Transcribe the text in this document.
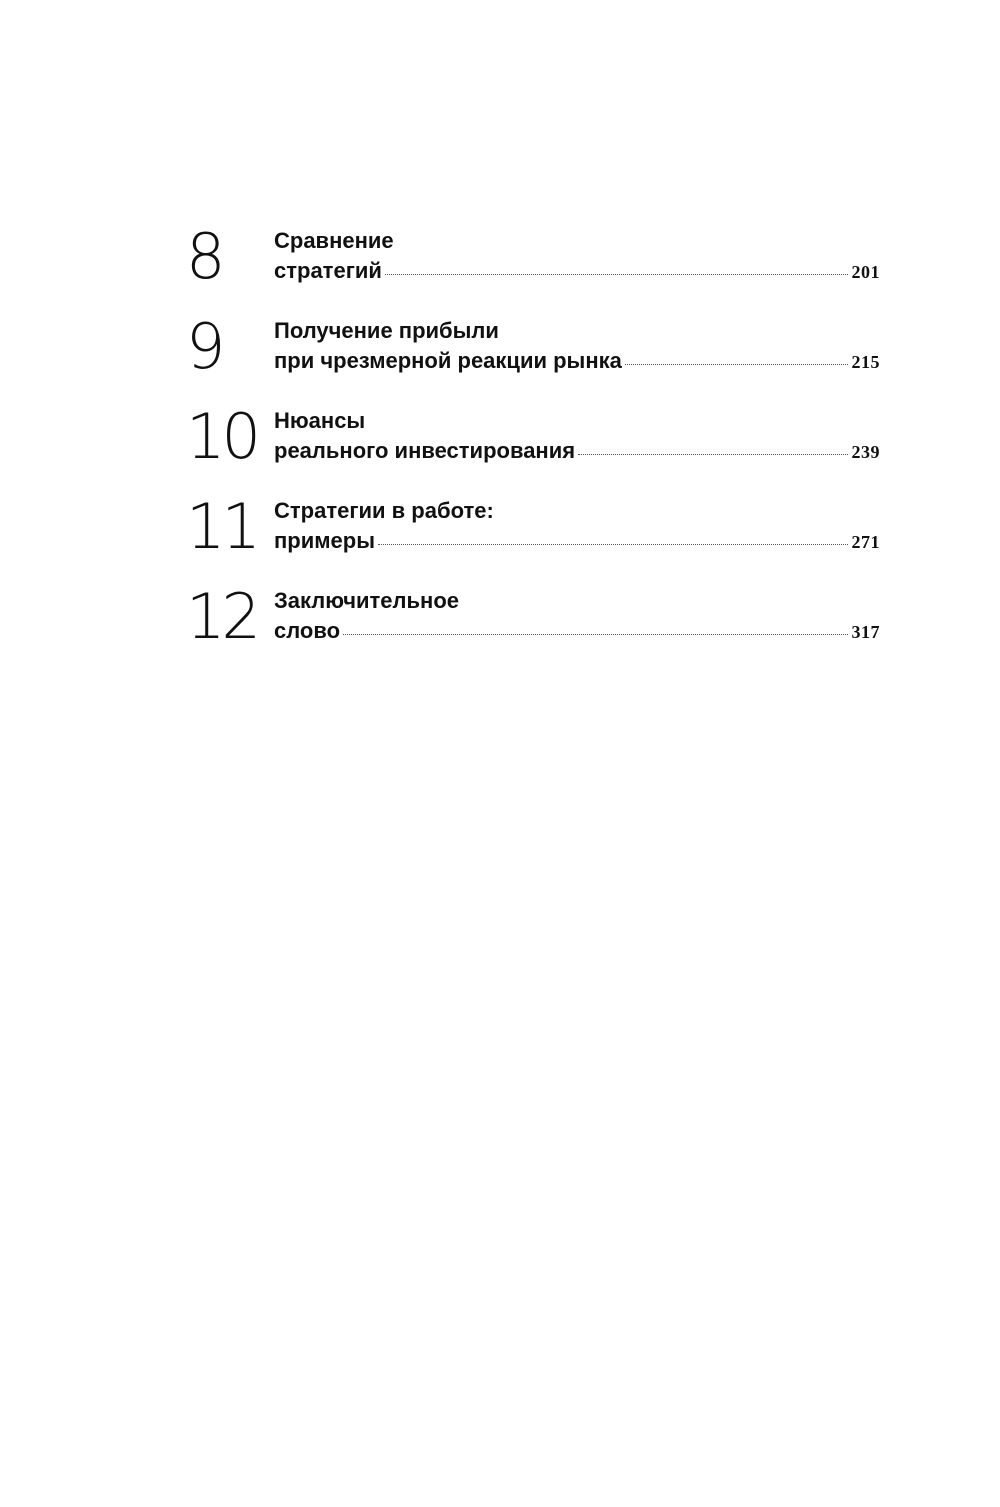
8 Сравнение
стратегий	201
9 Получение прибыли
при чрезмерной реакции рынка	215
10 Нюансы
реального инвестирования	239
11 Стратегии в работе:
примеры	271
12 Заключительное
слово	317
